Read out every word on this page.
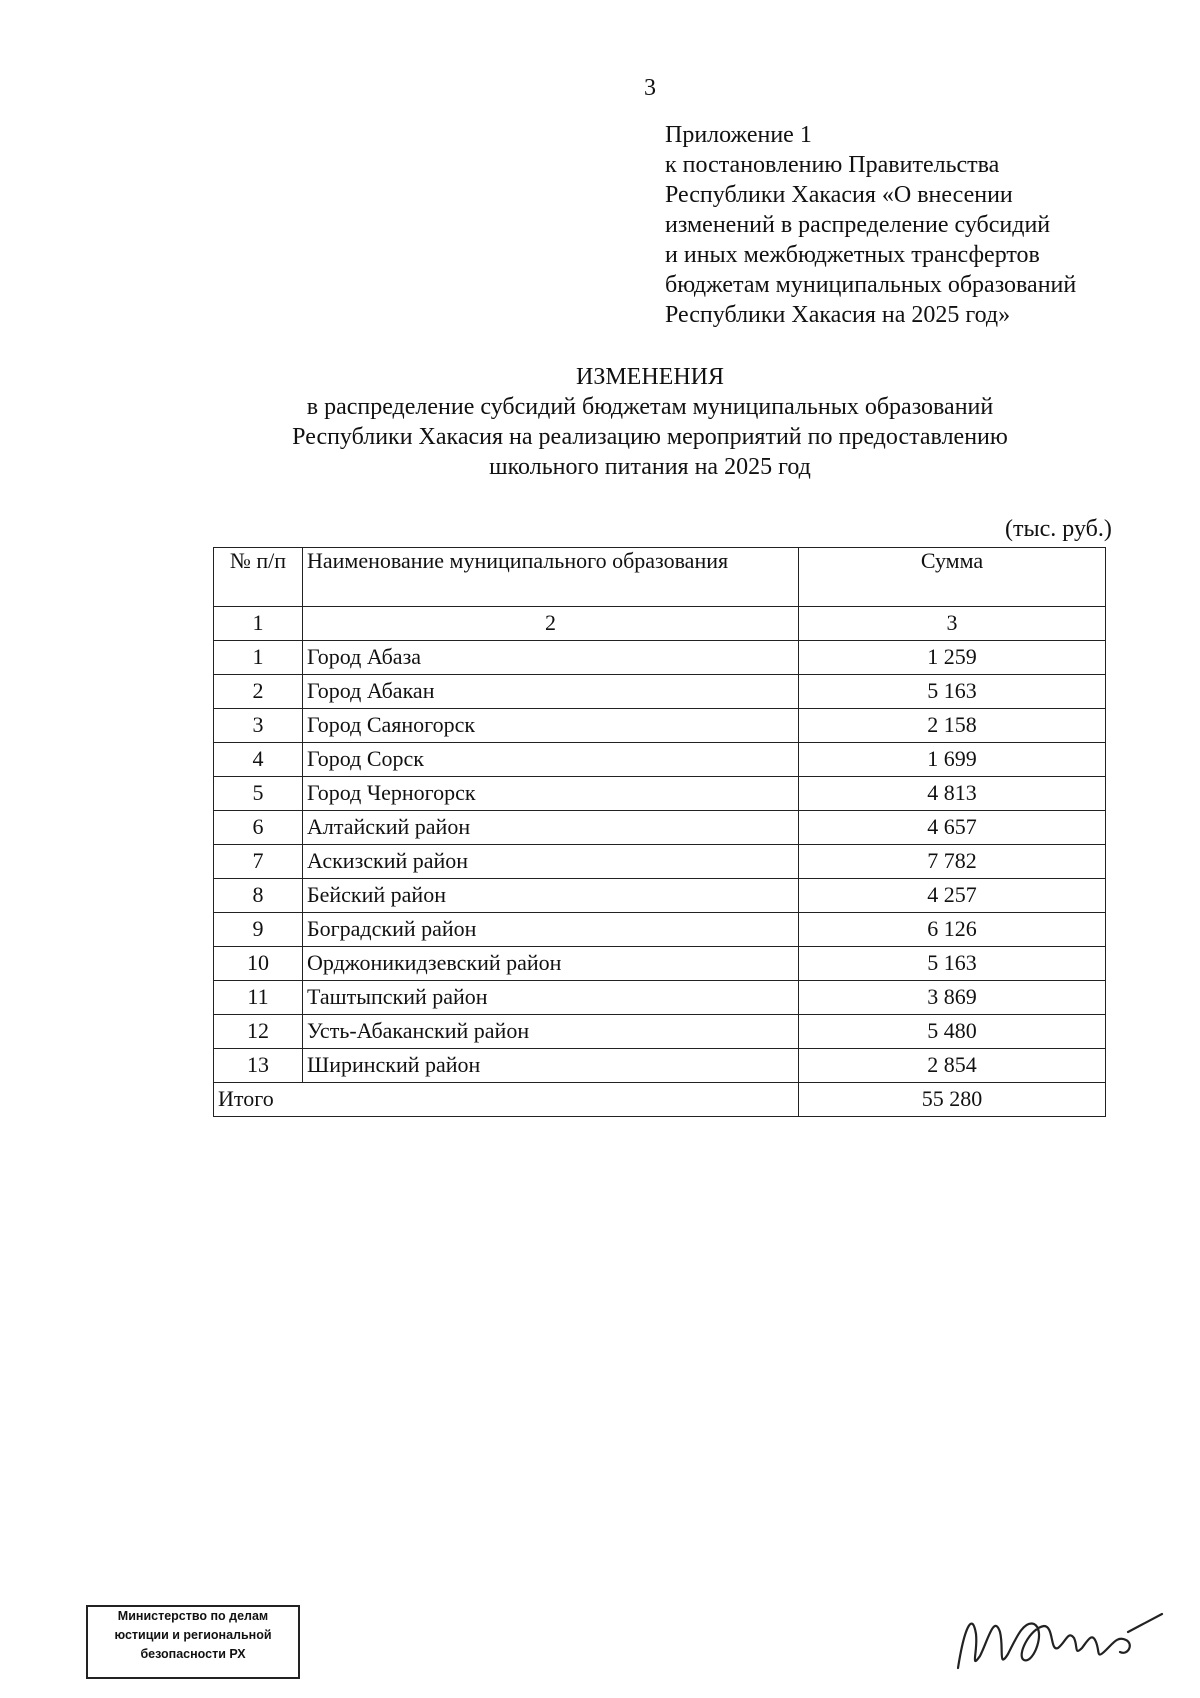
3
Приложение 1
к постановлению Правительства
Республики Хакасия «О внесении
изменений в распределение субсидий
и иных межбюджетных трансфертов
бюджетам муниципальных образований
Республики Хакасия на 2025 год»
ИЗМЕНЕНИЯ
в распределение субсидий бюджетам муниципальных образований
Республики Хакасия на реализацию мероприятий по предоставлению
школьного питания на 2025 год
(тыс. руб.)
№ п/п	Наименование муниципального образования	Сумма
1	2	3
1	Город Абаза	1 259
2	Город Абакан	5 163
3	Город Саяногорск	2 158
4	Город Сорск	1 699
5	Город Черногорск	4 813
6	Алтайский район	4 657
7	Аскизский район	7 782
8	Бейский район	4 257
9	Боградский район	6 126
10	Орджоникидзевский район	5 163
11	Таштыпский район	3 869
12	Усть-Абаканский район	5 480
13	Ширинский район	2 854
Итого		55 280
Министерство по делам
юстиции и региональной
безопасности РХ
